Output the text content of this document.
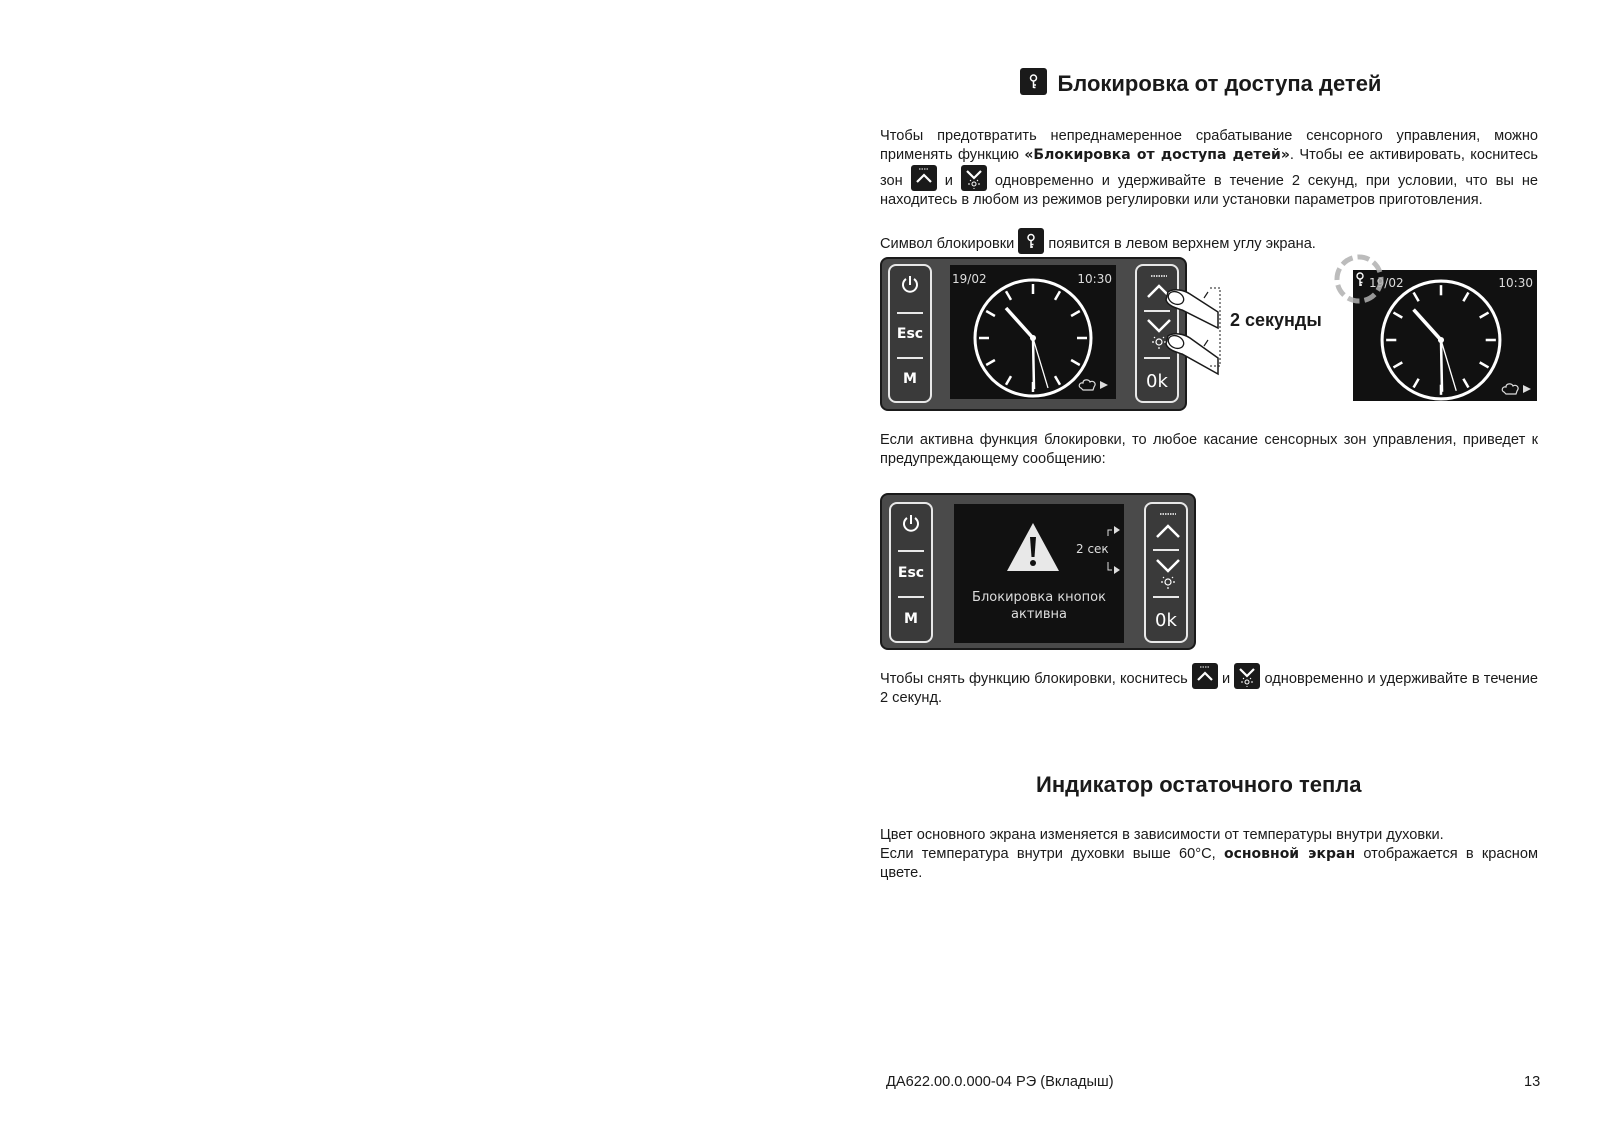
Блокировка от доступа детей
Чтобы предотвратить непреднамеренное срабатывание сенсорного управления, можно применять функцию «Блокировка от доступа детей». Чтобы ее активировать, коснитесь зон
и
одновременно и удерживайте в течение 2 секунд, при условии, что вы не находитесь в любом из режимов регулировки или установки параметров приготовления.
Символ блокировки
появится в левом верхнем углу экрана.
Esc
M
19/02	10:30
0k
2 секунды
19/02	10:30
Если активна функция блокировки, то любое касание сенсорных зон управления, приведет к предупреждающему сообщению:
Esc
M
2 сек
Блокировка кнопок
активна	0k
Чтобы снять функцию блокировки, коснитесь
и
одновременно и удерживайте в течение 2 секунд.
Индикатор остаточного тепла
Цвет основного экрана изменяется в зависимости от температуры внутри духовки.
Если температура внутри духовки выше 60°C, основной экран отображается в красном цвете.
ДА622.00.0.000-04 РЭ (Вкладыш)	13
